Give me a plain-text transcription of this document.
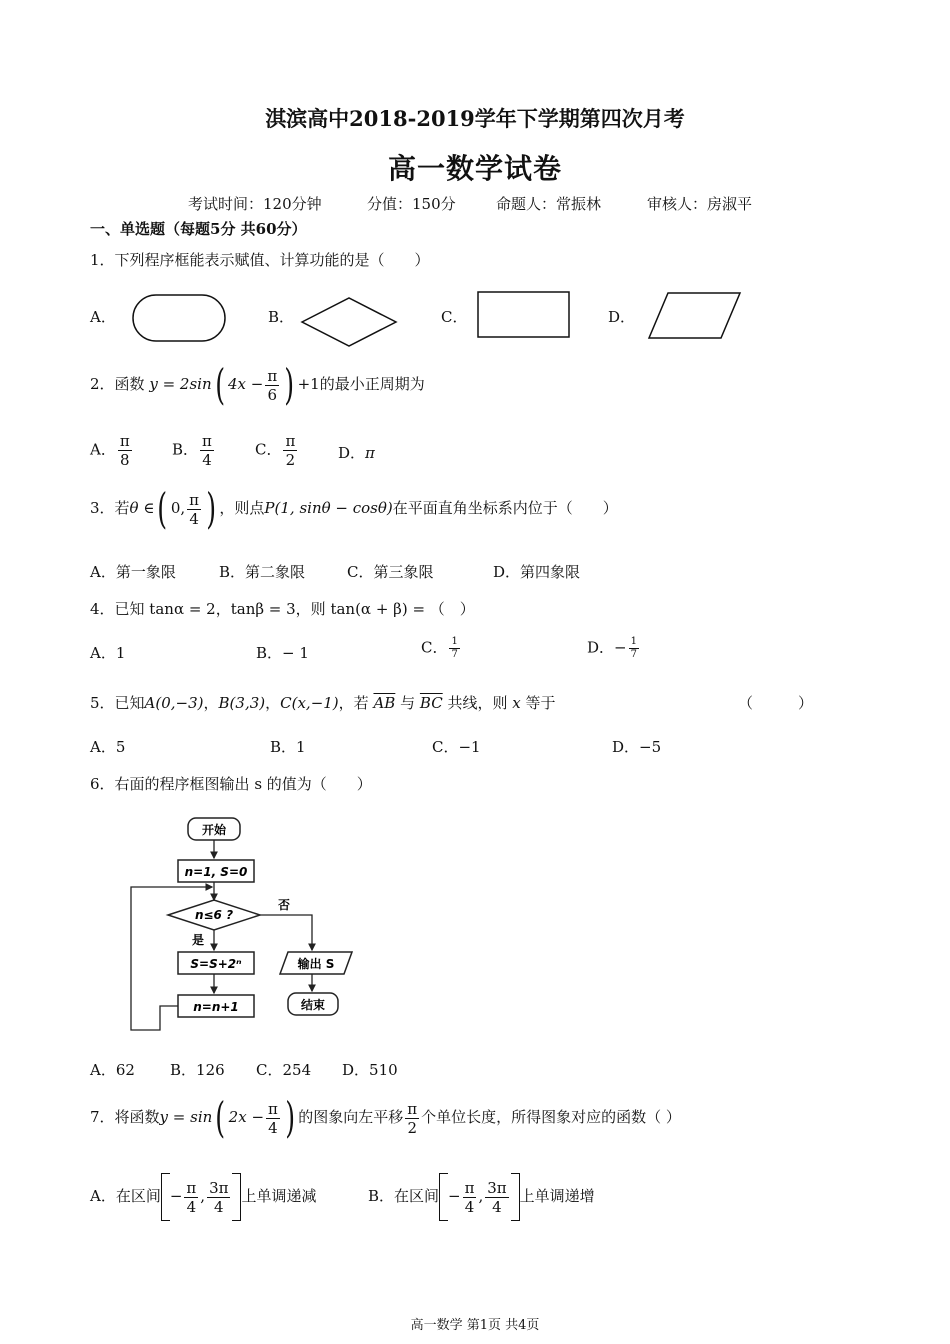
淇滨高中2018-2019学年下学期第四次月考
高一数学试卷
考试时间：120分钟	分值：150分	命题人：常振林	审核人：房淑平
一、单选题（每题5分 共60分）
1．下列程序框能表示赋值、计算功能的是（　　）
A．	B．	C．	D．
2．函数 y = 2sin( $4x - \frac{\pi}{6}$ ) +1的最小正周期为
A． $\frac{\pi}{8}$	B． $\frac{\pi}{4}$	C． $\frac{\pi}{2}$	D．π
3．若θ ∈( 0, $\frac{\pi}{4}$ ) ，则点P(1, sinθ − cosθ)在平面直角坐标系内位于（　　）
A．第一象限	B．第二象限	C．第三象限	D．第四象限
4．已知 tanα = 2，tanβ = 3，则 tan(α + β) = （　）
A．1	B．− 1	C． $\frac{1}{7}$	D．− $\frac{1}{7}$
5．已知A(0,−3)，B(3,3)，C(x,−1)，若 $\overline{AB}$ 与 $\overline{BC}$ 共线，则 x 等于	（　　　）
A．5	B．1	C．−1	D．−5
6．右面的程序框图输出 s 的值为（　　）
开始
n=1, S=0
n≤6 ?
否
是
S=S+2ⁿ
n=n+1
输出 S
结束
A．62 B．126 C．254 D．510
7．将函数y = sin( $2x - \frac{\pi}{4}$ ) 的图象向左平移 $\frac{\pi}{2}$ 个单位长度，所得图象对应的函数（ ）
A．在区间 − $\frac{\pi}{4}$ , $\frac{3\pi}{4}$ 上单调递减	B．在区间 − $\frac{\pi}{4}$ , $\frac{3\pi}{4}$ 上单调递增
高一数学 第1页 共4页
